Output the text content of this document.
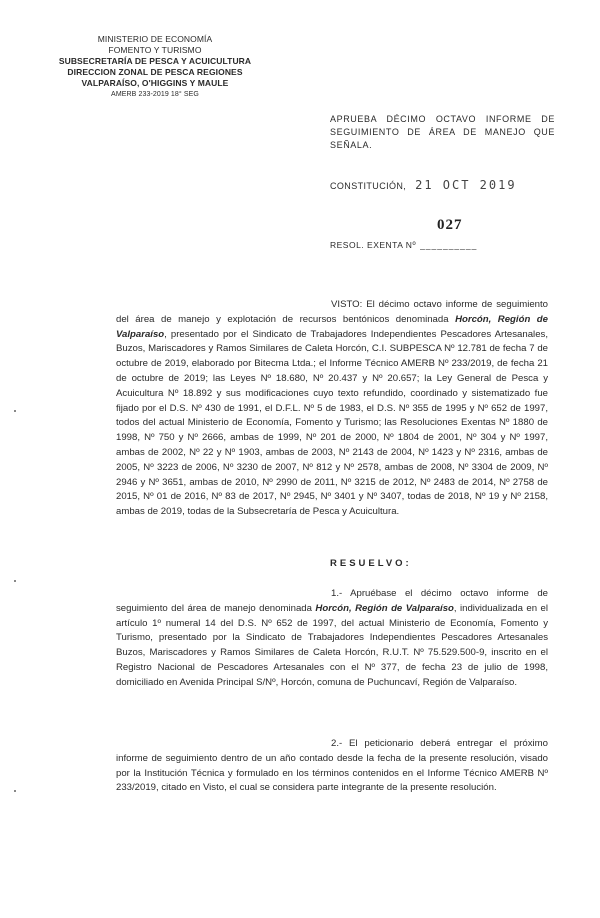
MINISTERIO DE ECONOMÍA
FOMENTO Y TURISMO
SUBSECRETARÍA DE PESCA Y ACUICULTURA
DIRECCION ZONAL DE PESCA REGIONES
VALPARAÍSO, O'HIGGINS Y MAULE
AMERB 233-2019 18° SEG
APRUEBA DÉCIMO OCTAVO INFORME DE SEGUIMIENTO DE ÁREA DE MANEJO QUE SEÑALA.
CONSTITUCIÓN, 21 OCT 2019
027
RESOL. EXENTA Nº __________
VISTO: El décimo octavo informe de seguimiento del área de manejo y explotación de recursos bentónicos denominada Horcón, Región de Valparaíso, presentado por el Sindicato de Trabajadores Independientes Pescadores Artesanales, Buzos, Mariscadores y Ramos Similares de Caleta Horcón, C.I. SUBPESCA Nº 12.781 de fecha 7 de octubre de 2019, elaborado por Bitecma Ltda.; el Informe Técnico AMERB Nº 233/2019, de fecha 21 de octubre de 2019; las Leyes Nº 18.680, Nº 20.437 y Nº 20.657; la Ley General de Pesca y Acuicultura Nº 18.892 y sus modificaciones cuyo texto refundido, coordinado y sistematizado fue fijado por el D.S. Nº 430 de 1991, el D.F.L. Nº 5 de 1983, el D.S. Nº 355 de 1995 y Nº 652 de 1997, todos del actual Ministerio de Economía, Fomento y Turismo; las Resoluciones Exentas Nº 1880 de 1998, Nº 750 y Nº 2666, ambas de 1999, Nº 201 de 2000, Nº 1804 de 2001, Nº 304 y Nº 1997, ambas de 2002, Nº 22 y Nº 1903, ambas de 2003, Nº 2143 de 2004, Nº 1423 y Nº 2316, ambas de 2005, Nº 3223 de 2006, Nº 3230 de 2007, Nº 812 y Nº 2578, ambas de 2008, Nº 3304 de 2009, Nº 2946 y Nº 3651, ambas de 2010, Nº 2990 de 2011, Nº 3215 de 2012, Nº 2483 de 2014, Nº 2758 de 2015, Nº 01 de 2016, Nº 83 de 2017, Nº 2945, Nº 3401 y Nº 3407, todas de 2018, Nº 19 y Nº 2158, ambas de 2019, todas de la Subsecretaría de Pesca y Acuicultura.
RESUELVO:
1.- Apruébase el décimo octavo informe de seguimiento del área de manejo denominada Horcón, Región de Valparaíso, individualizada en el artículo 1º numeral 14 del D.S. Nº 652 de 1997, del actual Ministerio de Economía, Fomento y Turismo, presentado por la Sindicato de Trabajadores Independientes Pescadores Artesanales Buzos, Mariscadores y Ramos Similares de Caleta Horcón, R.U.T. Nº 75.529.500-9, inscrito en el Registro Nacional de Pescadores Artesanales con el Nº 377, de fecha 23 de julio de 1998, domiciliado en Avenida Principal S/Nº, Horcón, comuna de Puchuncaví, Región de Valparaíso.
2.- El peticionario deberá entregar el próximo informe de seguimiento dentro de un año contado desde la fecha de la presente resolución, visado por la Institución Técnica y formulado en los términos contenidos en el Informe Técnico AMERB Nº 233/2019, citado en Visto, el cual se considera parte integrante de la presente resolución.
